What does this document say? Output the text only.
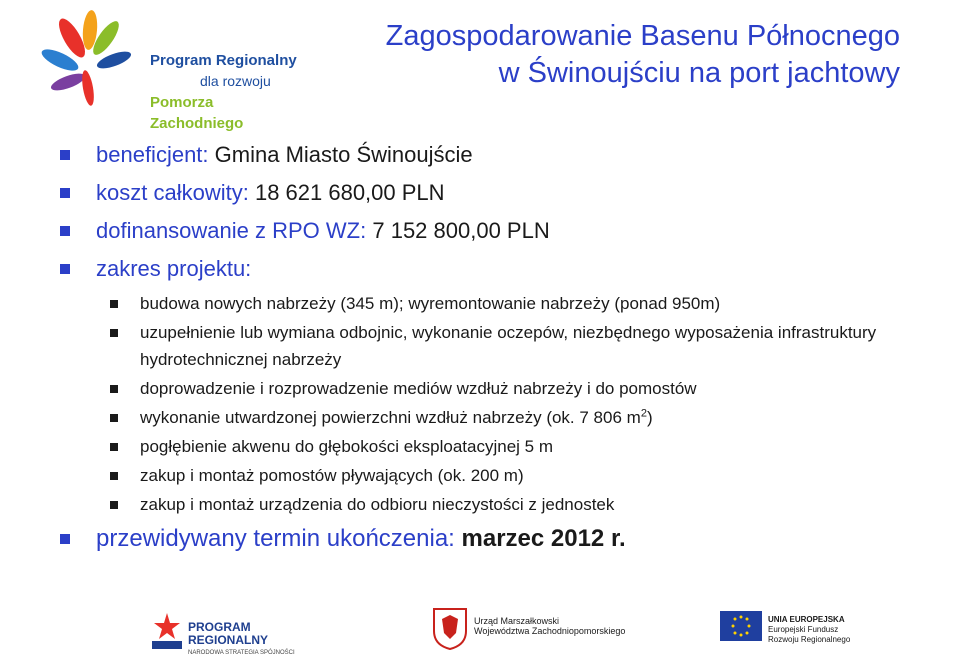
Program Regionalny
dla rozwoju
Pomorza Zachodniego
Zagospodarowanie Basenu Północnego
w Świnoujściu na port jachtowy
beneficjent:
Gmina Miasto Świnoujście
koszt całkowity:
18 621 680,00 PLN
dofinansowanie z RPO WZ:
7 152 800,00 PLN
zakres projektu:
budowa nowych nabrzeży (345 m); wyremontowanie nabrzeży (ponad 950m)
uzupełnienie lub wymiana odbojnic, wykonanie oczepów, niezbędnego wyposażenia infrastruktury hydrotechnicznej nabrzeży
doprowadzenie i rozprowadzenie mediów wzdłuż nabrzeży i do pomostów
wykonanie utwardzonej powierzchni wzdłuż nabrzeży (ok. 7 806 $m^2$)
pogłębienie akwenu do głębokości eksploatacyjnej 5 m
zakup i montaż pomostów pływających (ok. 200 m)
zakup i montaż urządzenia do odbioru nieczystości z jednostek
przewidywany termin ukończenia:
marzec 2012 r.
PROGRAM REGIONALNY
NARODOWA STRATEGIA SPÓJNOŚCI
Urząd Marszałkowski
Województwa Zachodniopomorskiego
UNIA EUROPEJSKA
Europejski Fundusz
Rozwoju Regionalnego
